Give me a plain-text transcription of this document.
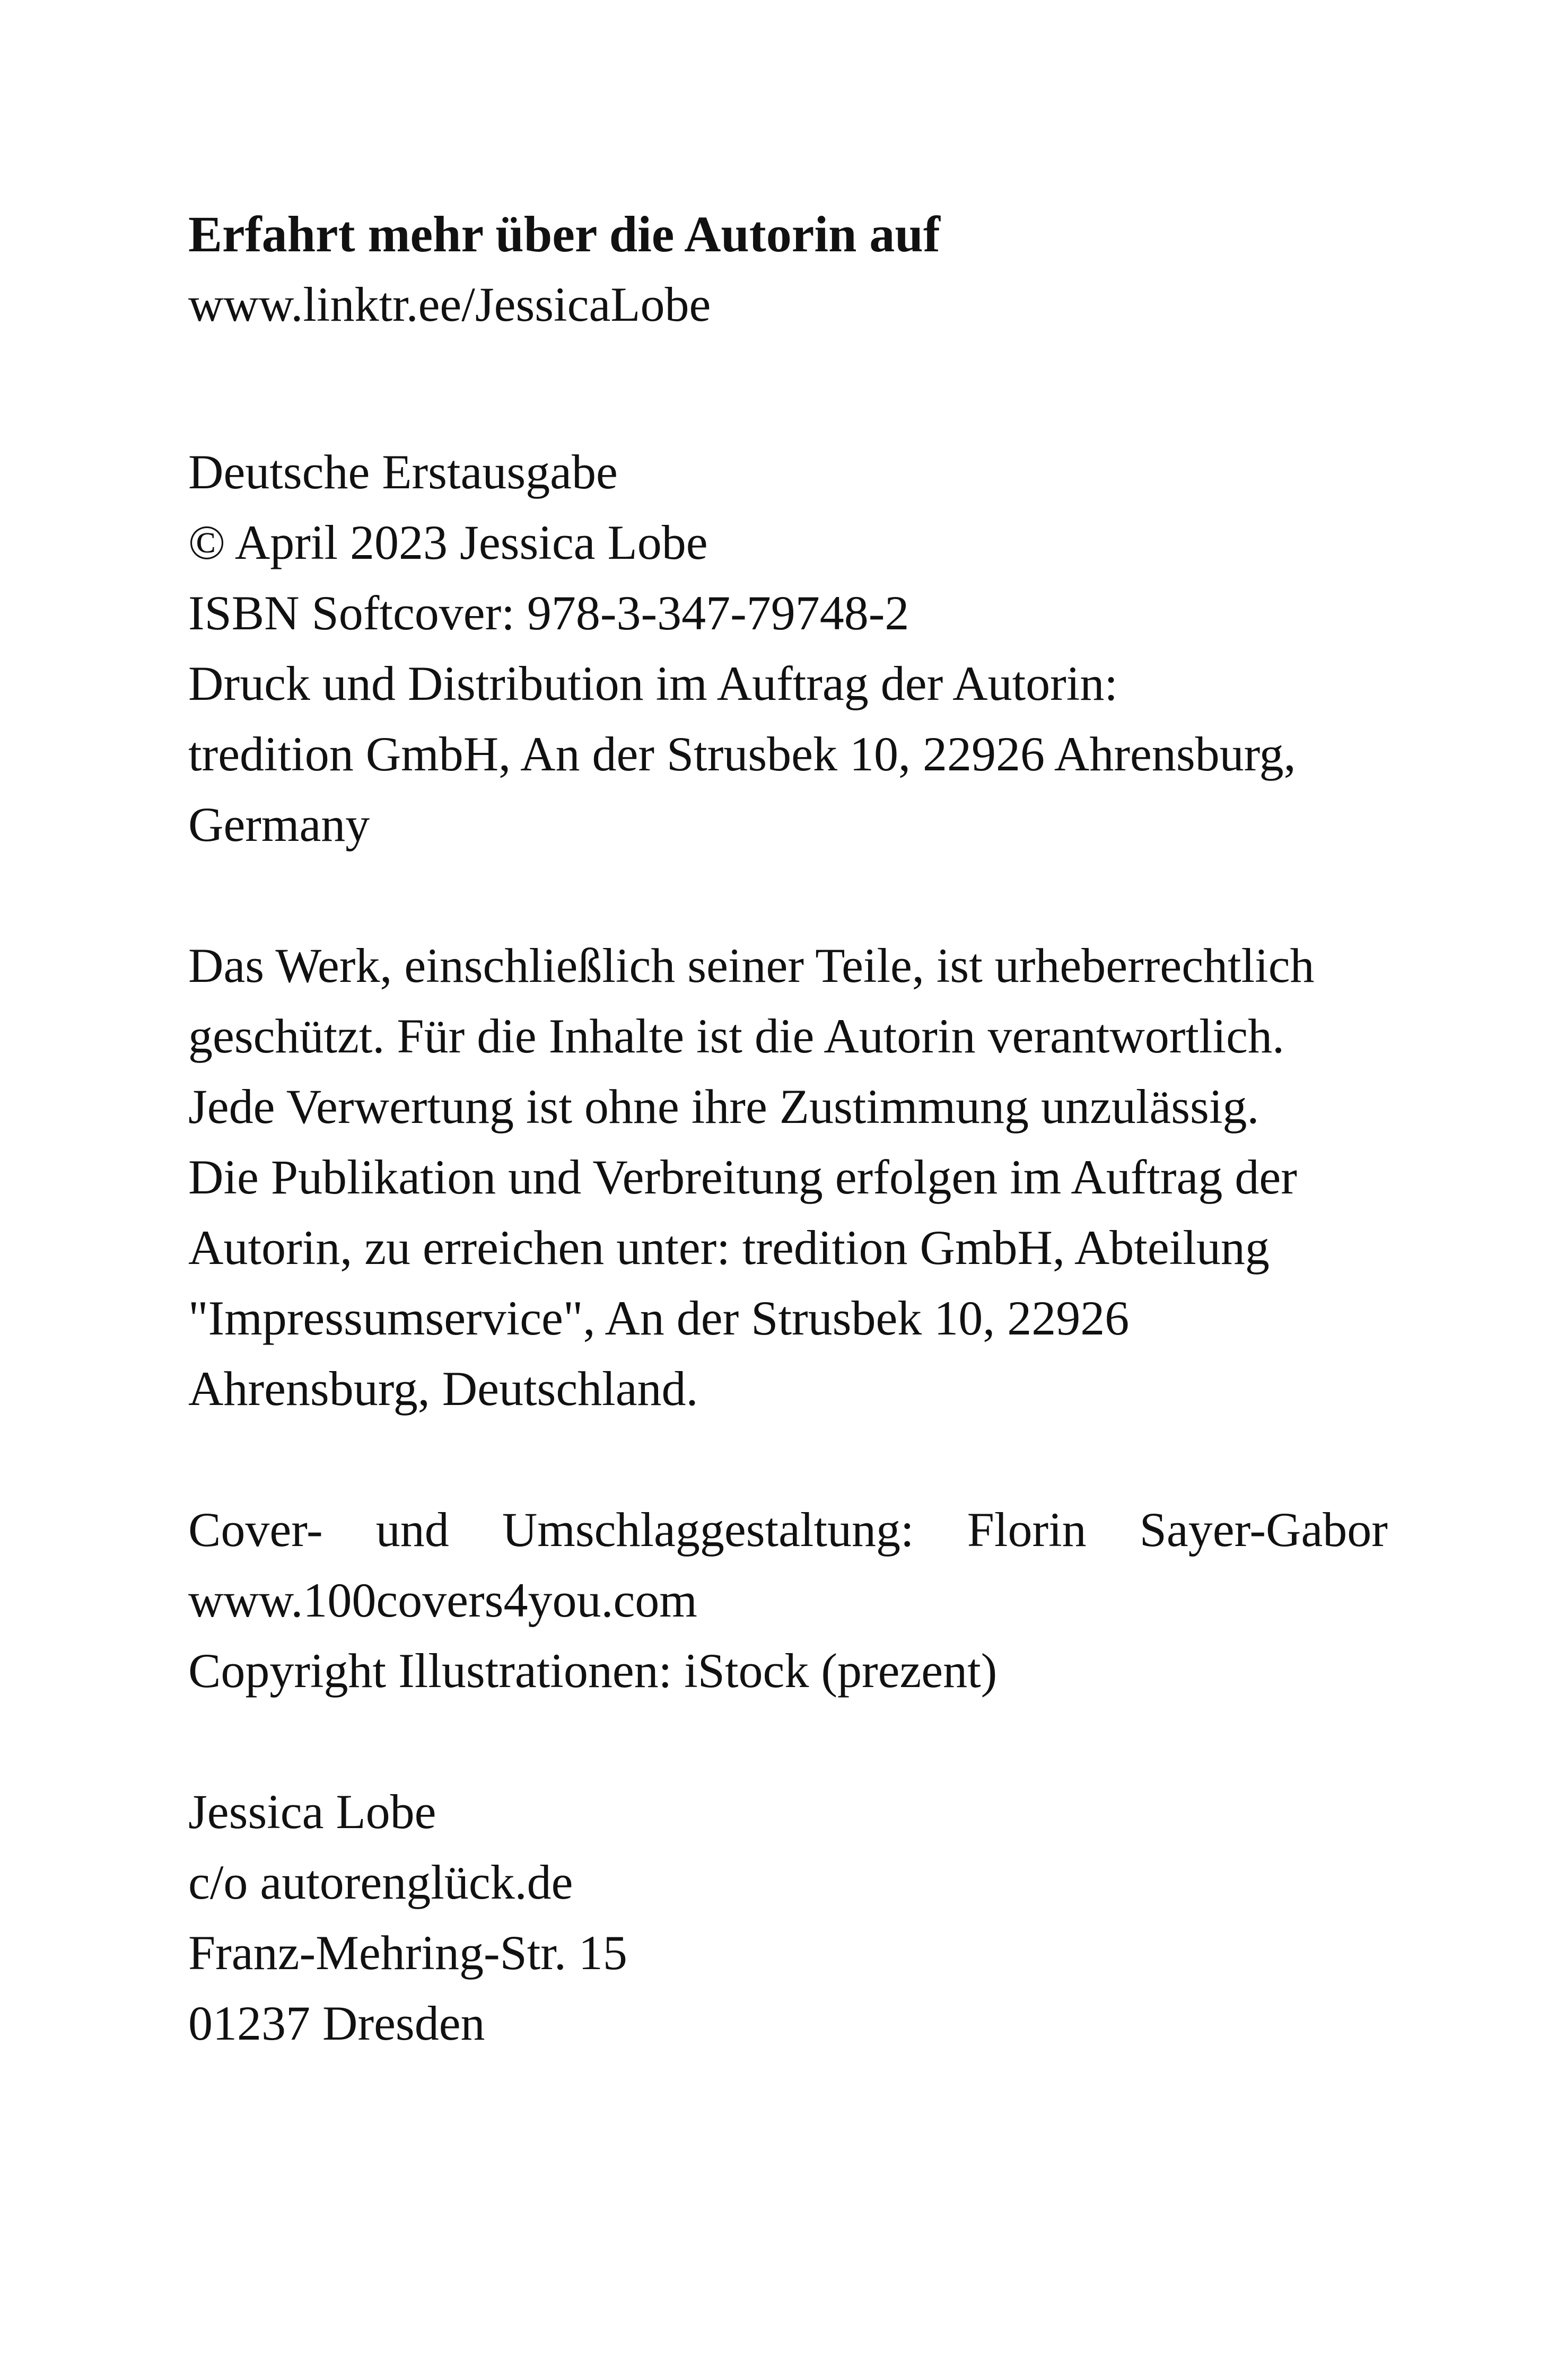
Erfahrt mehr über die Autorin auf
www.linktr.ee/JessicaLobe
Deutsche Erstausgabe
© April 2023 Jessica Lobe
ISBN Softcover: 978-3-347-79748-2
Druck und Distribution im Auftrag der Autorin:
tredition GmbH, An der Strusbek 10, 22926 Ahrensburg,
Germany
Das Werk, einschließlich seiner Teile, ist urheberrechtlich
geschützt. Für die Inhalte ist die Autorin verantwortlich.
Jede Verwertung ist ohne ihre Zustimmung unzulässig.
Die Publikation und Verbreitung erfolgen im Auftrag der
Autorin, zu erreichen unter: tredition GmbH, Abteilung
"Impressumservice", An der Strusbek 10, 22926
Ahrensburg, Deutschland.
Cover- und Umschlaggestaltung: Florin Sayer-Gabor
www.100covers4you.com
Copyright Illustrationen: iStock (prezent)
Jessica Lobe
c/o autorenglück.de
Franz-Mehring-Str. 15
01237 Dresden
